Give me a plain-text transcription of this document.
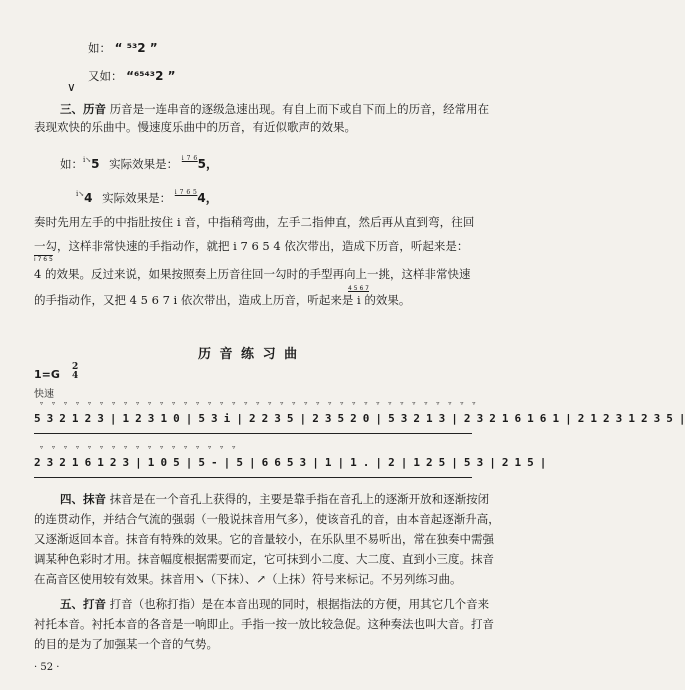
如： “ ⁵³2 ”
又如： “⁶⁵⁴³2 ”
∨
三、历音 历音是一连串音的逐级急速出现。有自上而下或自下而上的历音，经常用在
表现欢快的乐曲中。慢速度乐曲中的历音，有近似歌声的效果。
如：$^{i↘}$5 实际效果是： $^{i 7 6}$5，
$^{i↘}$4 实际效果是： $^{i 7 6 5}$4，
奏时先用左手的中指肚按住 i 音，中指稍弯曲，左手二指伸直，然后再从直到弯，往回
一勾，这样非常快速的手指动作，就把 i 7 6 5 4 依次带出，造成下历音，听起来是：
i 7 6 5
4 的效果。反过来说，如果按照奏上历音往回一勾时的手型再向上一挑，这样非常快速
的手指动作，又把 4 5 6 7 i 依次带出，造成上历音，听起来是 i 的效果。
4 5 6 7
历 音 练 习 曲
1=G
2
4
快速
▿▿▿▿▿▿▿▿▿▿▿▿▿▿▿▿▿▿▿▿▿▿▿▿▿▿▿▿▿▿▿▿▿▿▿▿▿
5 3 2 1 2 3 | 1 2 3 1 0 | 5 3 i | 2 2 3 5 | 2 3 5 2 0 | 5 3 2 1 3 | 2 3 2 1 6 1 6 1 | 2 1 2 3 1 2 3 5 |
▿▿▿▿▿▿▿▿▿▿▿▿▿▿▿▿▿
2 3 2 1 6 1 2 3 | 1 0 5 | 5 - | 5 | 6 6 5 3 | 1 | 1 . | 2 | 1 2 5 | 5 3 | 2 1 5 |
四、抹音 抹音是在一个音孔上获得的，主要是靠手指在音孔上的逐渐开放和逐渐按闭
的连贯动作，并结合气流的强弱（一般说抹音用气多），使该音孔的音，由本音起逐渐升高，
又逐渐返回本音。抹音有特殊的效果。它的音量较小，在乐队里不易听出，常在独奏中需强
调某种色彩时才用。抹音幅度根据需要而定，它可抹到小二度、大二度、直到小三度。抹音
在高音区使用较有效果。抹音用↘（下抹）、↗（上抹）符号来标记。不另列练习曲。
五、打音 打音（也称打指）是在本音出现的同时，根据指法的方便，用其它几个音来
衬托本音。衬托本音的各音是一响即止。手指一按一放比较急促。这种奏法也叫大音。打音
的目的是为了加强某一个音的气势。
· 52 ·
